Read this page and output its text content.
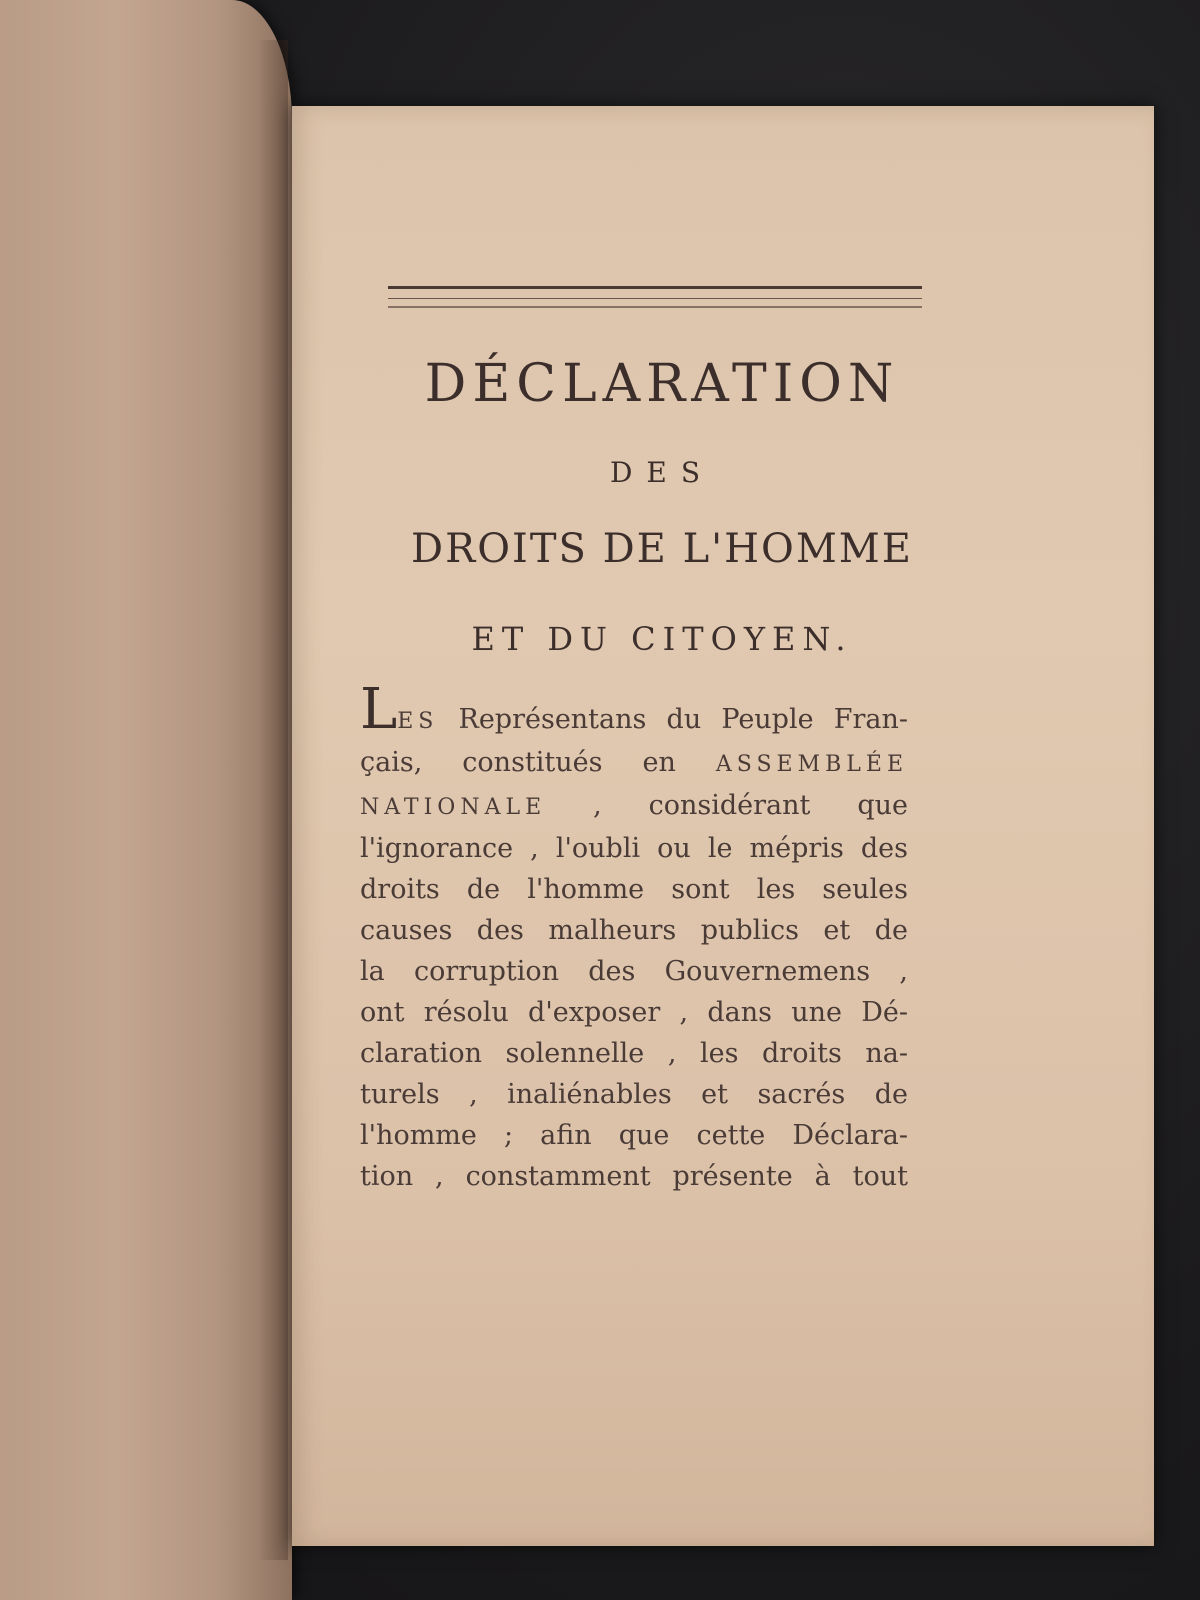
DÉCLARATION
DES
DROITS DE L'HOMME
ET DU CITOYEN.
LES Représentans du Peuple Fran-
çais, constitués en ASSEMBLÉE
NATIONALE , considérant que
l'ignorance , l'oubli ou le mépris des
droits de l'homme sont les seules
causes des malheurs publics et de
la corruption des Gouvernemens ,
ont résolu d'exposer , dans une Dé-
claration solennelle , les droits na-
turels , inaliénables et sacrés de
l'homme ; afin que cette Déclara-
tion , constamment présente à tout
